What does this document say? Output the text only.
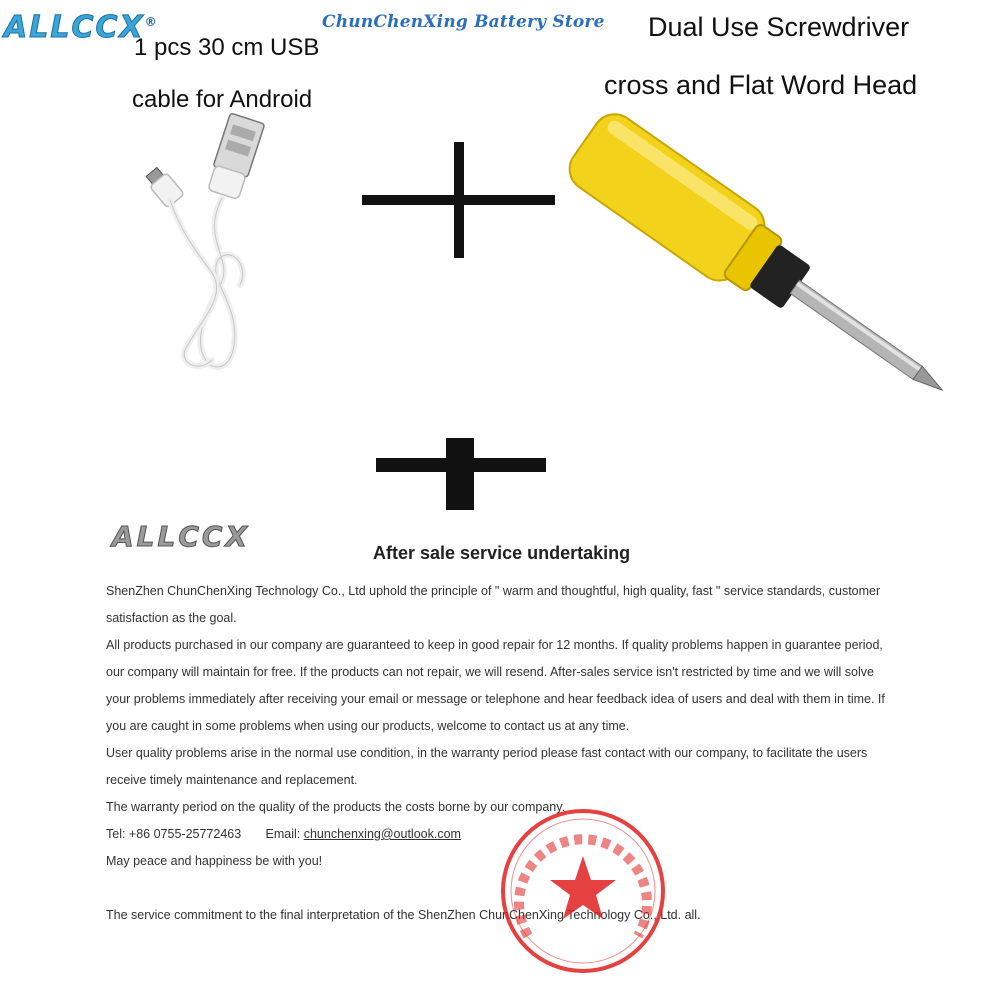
ALLCCX®	ChunChenXing Battery Store
1 pcs 30 cm USB
cable for Android
Dual Use Screwdriver
cross and Flat Word Head
ALLCCX	After sale service undertaking

ShenZhen ChunChenXing Technology Co., Ltd uphold the principle of " warm and thoughtful, high quality, fast " service standards, customer

satisfaction as the goal.

All products purchased in our company are guaranteed to keep in good repair for 12 months. If quality problems happen in guarantee period,

our company will maintain for free. If the products can not repair, we will resend. After-sales service isn't restricted by time and we will solve

your problems immediately after receiving your email or message or telephone and hear feedback idea of users and deal with them in time. If

you are caught in some problems when using our products, welcome to contact us at any time.

User quality problems arise in the normal use condition, in the warranty period please fast contact with our company, to facilitate the users

receive timely maintenance and replacement.

The warranty period on the quality of the products the costs borne by our company.

Tel: +86 0755-25772463 Email: chunchenxing@outlook.com

May peace and happiness be with you!

The service commitment to the final interpretation of the ShenZhen ChunChenXing Technology Co., Ltd. all.
